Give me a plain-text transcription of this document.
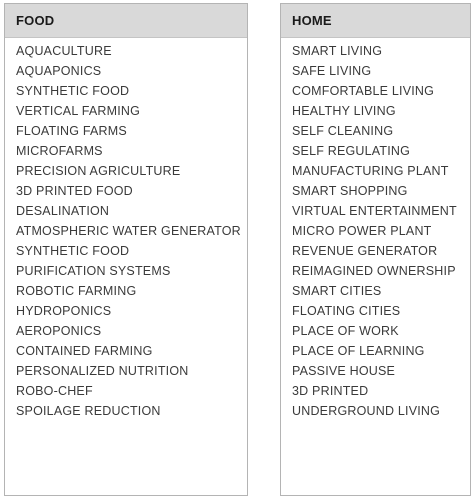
FOOD
AQUACULTURE
AQUAPONICS
SYNTHETIC FOOD
VERTICAL FARMING
FLOATING FARMS
MICROFARMS
PRECISION AGRICULTURE
3D PRINTED FOOD
DESALINATION
ATMOSPHERIC WATER GENERATOR
SYNTHETIC FOOD
PURIFICATION SYSTEMS
ROBOTIC FARMING
HYDROPONICS
AEROPONICS
CONTAINED FARMING
PERSONALIZED NUTRITION
ROBO-CHEF
SPOILAGE REDUCTION
HOME
SMART LIVING
SAFE LIVING
COMFORTABLE LIVING
HEALTHY LIVING
SELF CLEANING
SELF REGULATING
MANUFACTURING PLANT
SMART SHOPPING
VIRTUAL ENTERTAINMENT
MICRO POWER PLANT
REVENUE GENERATOR
REIMAGINED OWNERSHIP
SMART CITIES
FLOATING CITIES
PLACE OF WORK
PLACE OF LEARNING
PASSIVE HOUSE
3D PRINTED
UNDERGROUND LIVING
